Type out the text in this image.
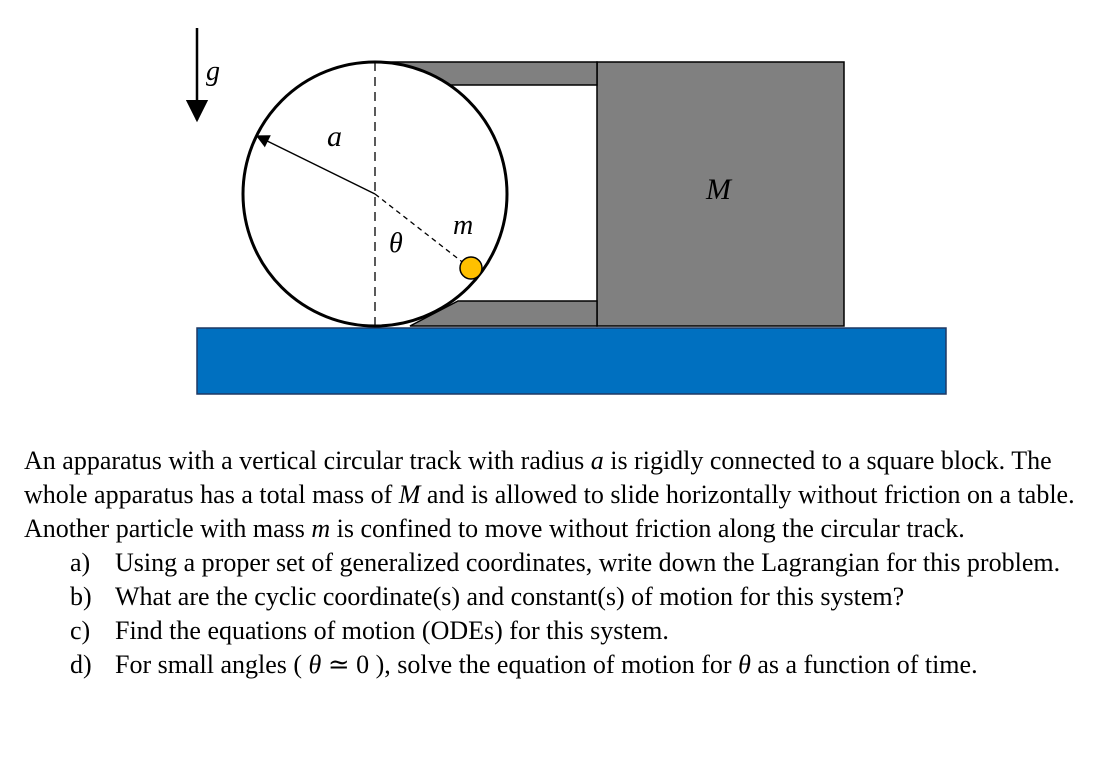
g
a
m
θ
M

An apparatus with a vertical circular track with radius a is rigidly connected to a square block. The whole apparatus has a total mass of M and is allowed to slide horizontally without friction on a table. Another particle with mass m is confined to move without friction along the circular track.

a) Using a proper set of generalized coordinates, write down the Lagrangian for this problem.
b) What are the cyclic coordinate(s) and constant(s) of motion for this system?
c) Find the equations of motion (ODEs) for this system.
d) For small angles ( θ ≃ 0 ), solve the equation of motion for θ as a function of time.
